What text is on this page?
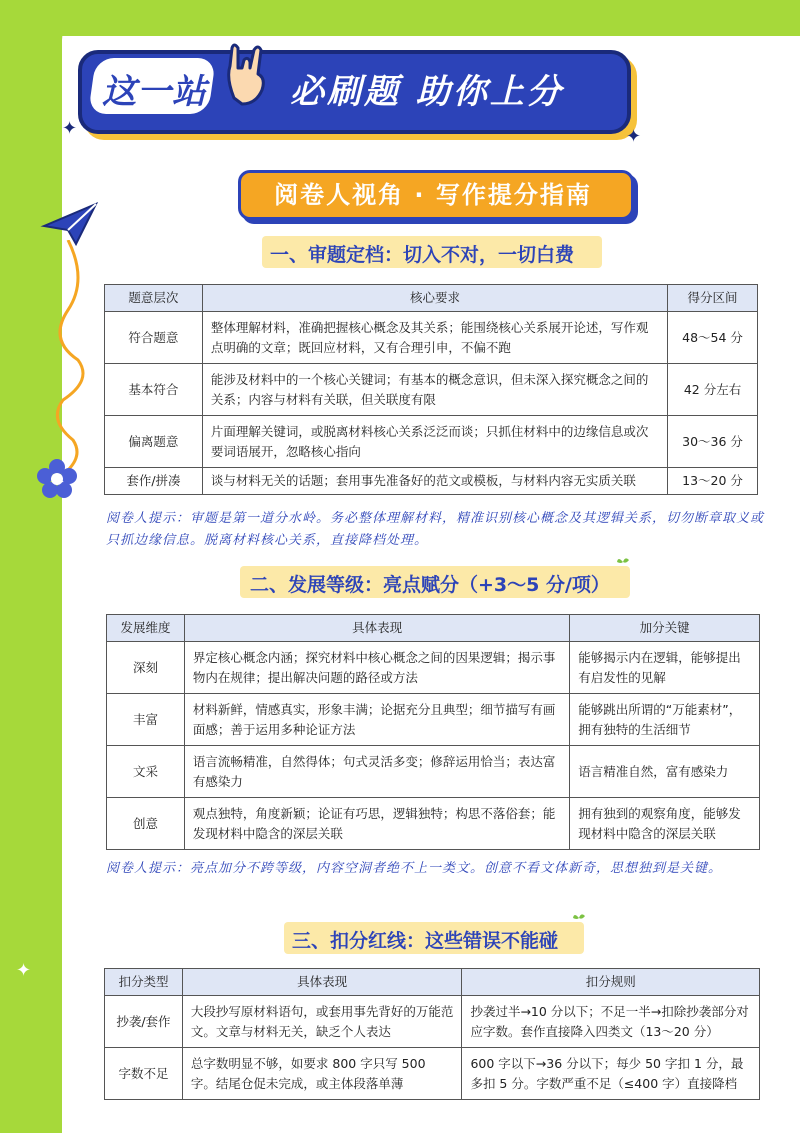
这一站 必刷题 助你上分
✦	✦
阅卷人视角 · 写作提分指南
一、审题定档：切入不对，一切白费
题意层次	核心要求	得分区间
符合题意	整体理解材料，准确把握核心概念及其关系；能围绕核心关系展开论述，写作观点明确的文章；既回应材料，又有合理引申，不偏不跑	48～54 分
基本符合	能涉及材料中的一个核心关键词；有基本的概念意识，但未深入探究概念之间的关系；内容与材料有关联，但关联度有限	42 分左右
偏离题意	片面理解关键词，或脱离材料核心关系泛泛而谈；只抓住材料中的边缘信息或次要词语展开，忽略核心指向	30～36 分
套作/拼凑	谈与材料无关的话题；套用事先准备好的范文或模板，与材料内容无实质关联	13～20 分
阅卷人提示：审题是第一道分水岭。务必整体理解材料，精准识别核心概念及其逻辑关系，切勿断章取义或只抓边缘信息。脱离材料核心关系，直接降档处理。
二、发展等级：亮点赋分（+3～5 分/项）
发展维度	具体表现	加分关键
深刻	界定核心概念内涵；探究材料中核心概念之间的因果逻辑；揭示事物内在规律；提出解决问题的路径或方法	能够揭示内在逻辑，能够提出有启发性的见解
丰富	材料新鲜，情感真实，形象丰满；论据充分且典型；细节描写有画面感；善于运用多种论证方法	能够跳出所谓的“万能素材”，拥有独特的生活细节
文采	语言流畅精准，自然得体；句式灵活多变；修辞运用恰当；表达富有感染力	语言精准自然，富有感染力
创意	观点独特，角度新颖；论证有巧思，逻辑独特；构思不落俗套；能发现材料中隐含的深层关联	拥有独到的观察角度，能够发现材料中隐含的深层关联
阅卷人提示：亮点加分不跨等级，内容空洞者绝不上一类文。创意不看文体新奇，思想独到是关键。
三、扣分红线：这些错误不能碰
✦
扣分类型	具体表现	扣分规则
抄袭/套作	大段抄写原材料语句，或套用事先背好的万能范文。文章与材料无关，缺乏个人表达	抄袭过半→10 分以下；不足一半→扣除抄袭部分对应字数。套作直接降入四类文（13～20 分）
字数不足	总字数明显不够，如要求 800 字只写 500 字。结尾仓促未完成，或主体段落单薄	600 字以下→36 分以下；每少 50 字扣 1 分，最多扣 5 分。字数严重不足（≤400 字）直接降档
